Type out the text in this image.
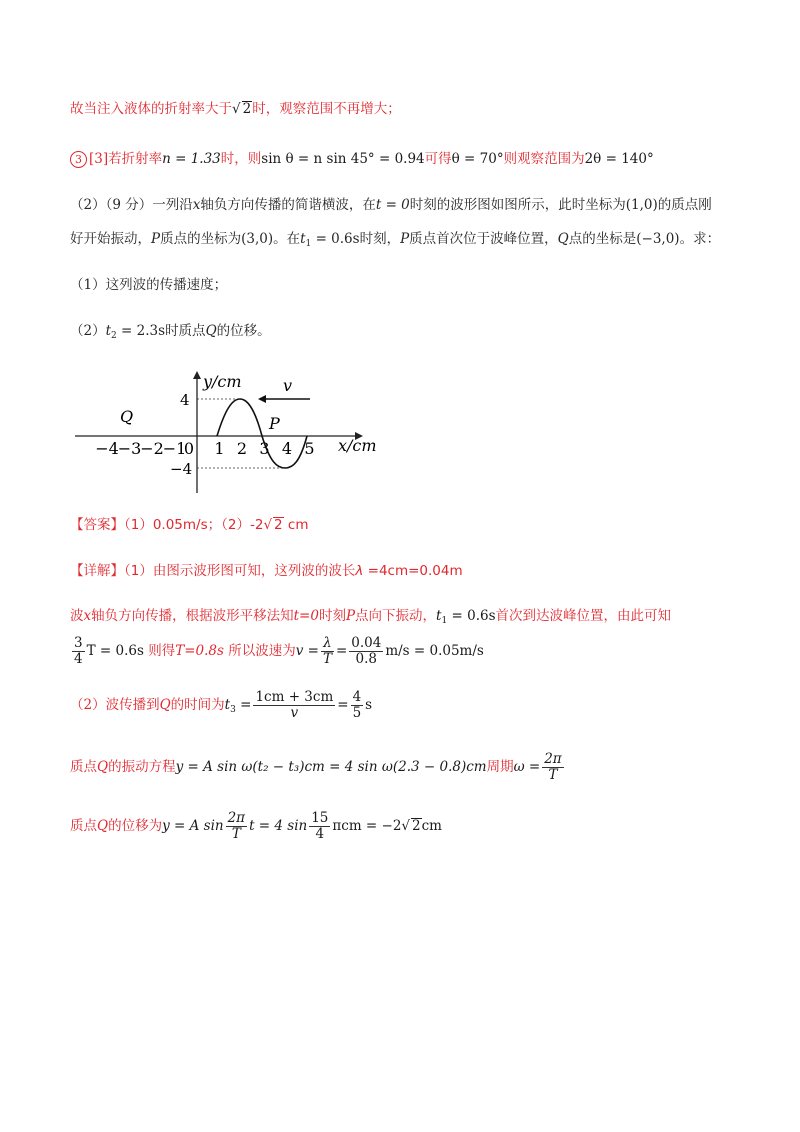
故当注入液体的折射率大于√ 2时，观察范围不再增大；
3 [3]若折射率n = 1.33时，则sin θ = n sin 45° = 0.94可得θ = 70°则观察范围为2θ = 140°
（2）（9 分）一列沿x轴负方向传播的简谐横波，在t = 0时刻的波形图如图所示，此时坐标为(1,0)的质点刚
好开始振动，P质点的坐标为(3,0)。在$t_1 = 0.6s$时刻，P质点首次位于波峰位置，Q点的坐标是(−3,0)。求：
（1）这列波的传播速度；
$(2)t_2 = 2.3s$时质点Q的位移。
y/cm
x/cm
v
Q	P
4
−4
−4
−3
−2
−1
0 1 2 3 4 5
【答案】（1）0.05m/s；（2）-2√ 2 cm
【详解】（1）由图示波形图可知，这列波的波长λ =4cm=0.04m
波x轴负方向传播，根据波形平移法知t=0时刻P点向下振动，$t_1 = 0.6s$首次到达波峰位置，由此可知
$\frac{3}{4}$ T = 0.6s 则得T=0.8s 所以波速为$v = \frac{\lambda}{T} = \frac{0.04}{0.8} m/s = 0.05m/s$
（2）波传播到Q的时间为$t_3 = \frac{1cm + 3cm}{v} = \frac{4}{5}$ s
质点Q的振动方程y = A sin ω(t₂ − t₃)cm = 4 sin ω(2.3 − 0.8)cm周期$\omega = \frac{2\pi}{T}$
质点Q的位移为y = A $\sin \frac{2\pi}{T}$ t = 4 $\sin \frac{15}{4}$ πcm = −2√ 2cm
